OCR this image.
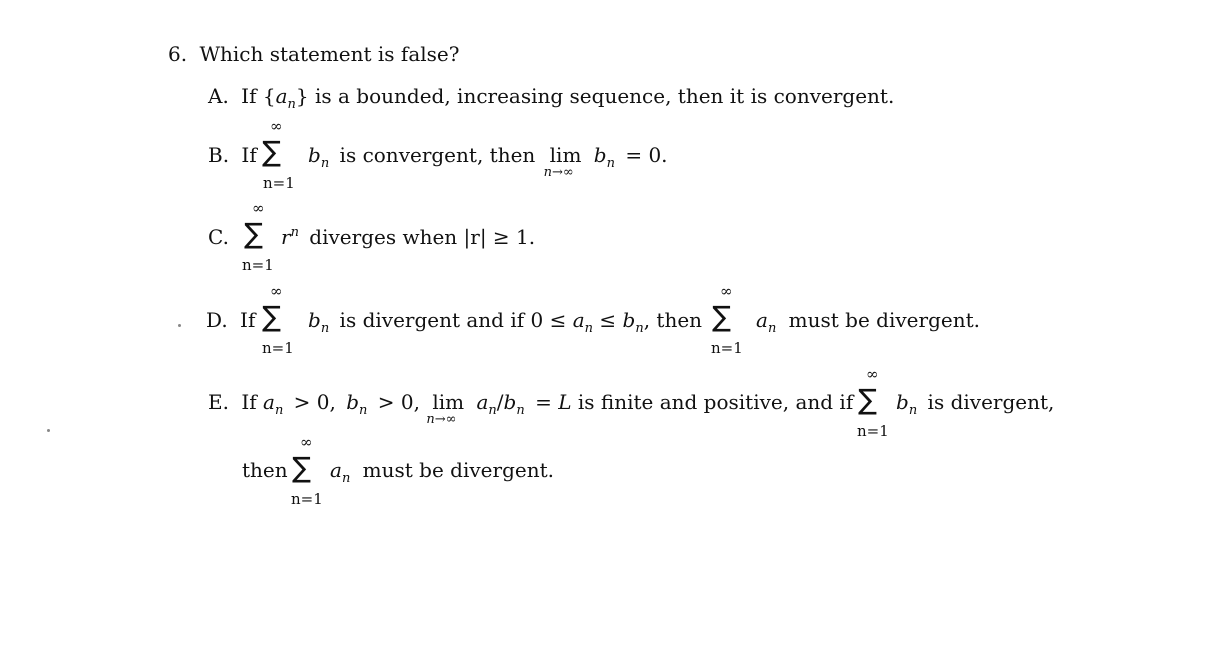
6. Which statement is false?
A. If $\{a_n\}$ is a bounded, increasing sequence, then it is convergent.
B. If
∞
∑
n=1
$b_n$ is convergent, then lim
n→∞
$b_n = 0$.
C.
∞
∑
n=1
$r^n$ diverges when |r| ≥ 1.
D. If
∞
∑
n=1
$b_n$ is divergent and if $0 \le a_n \le b_n$, then
∞
∑
n=1
$a_n$ must be divergent.
E. If $a_n > 0$, $b_n > 0$, lim
n→∞
$a_n/b_n = L$ is finite and positive, and if
∞
∑
n=1
$b_n$ is divergent,
then
∞
∑
n=1
$a_n$ must be divergent.
